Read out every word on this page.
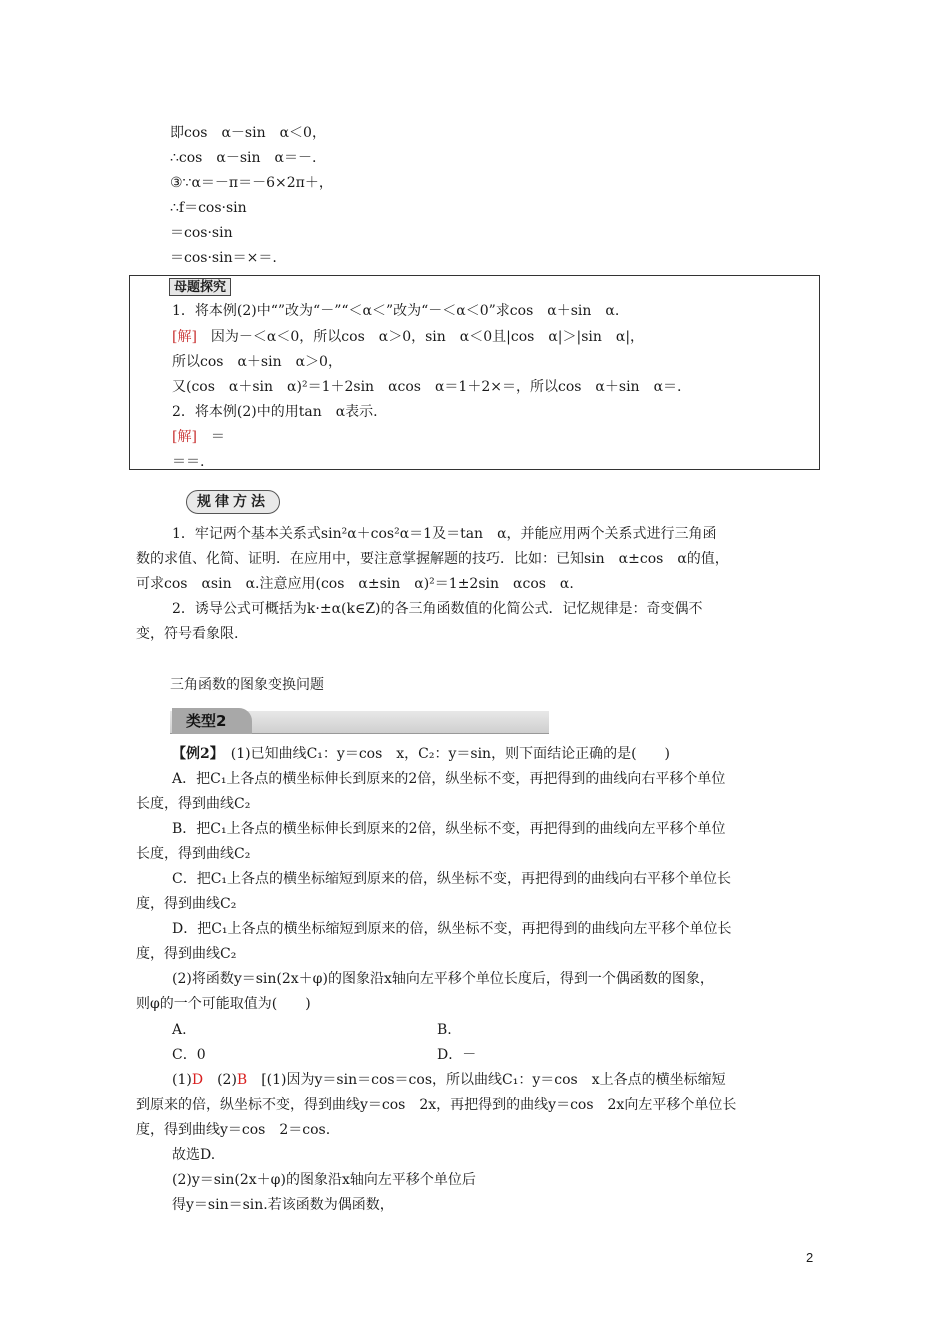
即cos　α－sin　α＜0，
∴cos　α－sin　α＝－.
③∵α＝－π＝－6×2π＋，
∴f＝cos·sin
＝cos·sin
＝cos·sin＝×＝.
母题探究
1．将本例(2)中“”改为“－”“＜α＜”改为“－＜α＜0”求cos　α＋sin　α.
[解]　因为－＜α＜0，所以cos　α＞0，sin　α＜0且|cos　α|＞|sin　α|，
所以cos　α＋sin　α＞0，
又(cos　α＋sin　α)²＝1＋2sin　αcos　α＝1＋2×＝，所以cos　α＋sin　α＝.
2．将本例(2)中的用tan　α表示.
[解]　＝
＝＝.
规律方法
1．牢记两个基本关系式sin²α＋cos²α＝1及＝tan　α，并能应用两个关系式进行三角函
数的求值、化简、证明．在应用中，要注意掌握解题的技巧．比如：已知sin　α±cos　α的值，
可求cos　αsin　α.注意应用(cos　α±sin　α)²＝1±2sin　αcos　α.
2．诱导公式可概括为k·±α(k∈Z)的各三角函数值的化简公式．记忆规律是：奇变偶不
变，符号看象限.
三角函数的图象变换问题
类型2
【例2】　(1)已知曲线C₁：y＝cos　x，C₂：y＝sin，则下面结论正确的是(　　)
A．把C₁上各点的横坐标伸长到原来的2倍，纵坐标不变，再把得到的曲线向右平移个单位
长度，得到曲线C₂
B．把C₁上各点的横坐标伸长到原来的2倍，纵坐标不变，再把得到的曲线向左平移个单位
长度，得到曲线C₂
C．把C₁上各点的横坐标缩短到原来的倍，纵坐标不变，再把得到的曲线向右平移个单位长
度，得到曲线C₂
D．把C₁上各点的横坐标缩短到原来的倍，纵坐标不变，再把得到的曲线向左平移个单位长
度，得到曲线C₂
(2)将函数y＝sin(2x＋φ)的图象沿x轴向左平移个单位长度后，得到一个偶函数的图象，
则φ的一个可能取值为(　　)
A.	B.
C．0	D．－
(1)D　(2)B　[(1)因为y＝sin＝cos＝cos，所以曲线C₁：y＝cos　x上各点的横坐标缩短
到原来的倍，纵坐标不变，得到曲线y＝cos　2x，再把得到的曲线y＝cos　2x向左平移个单位长
度，得到曲线y＝cos　2＝cos.
故选D.
(2)y＝sin(2x＋φ)的图象沿x轴向左平移个单位后
得y＝sin＝sin.若该函数为偶函数，
2
